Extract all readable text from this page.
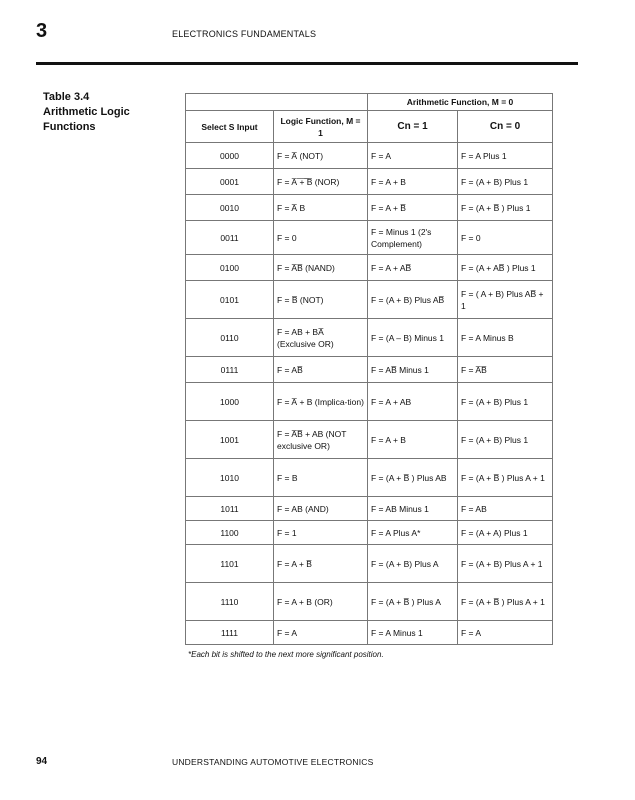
3	ELECTRONICS FUNDAMENTALS
Table 3.4
Arithmetic Logic
Functions
		Arithmetic Function, M = 0	
Select S Input	Logic Function, M = 1	Cn = 1	Cn = 0
0000	F = A̅ (NOT)	F = A	F = A Plus 1
0001	F = A̅ ̅+̅ ̅B̅ (NOR)	F = A + B	F = (A + B) Plus 1
0010	F = A̅ B	F = A + B̅	F = (A + B̅ ) Plus 1
0011	F = 0	F = Minus 1 (2's Complement)	F = 0
0100	F = A̅B̅ (NAND)	F = A + AB̅	F = (A + AB̅ ) Plus 1
0101	F = B̅ (NOT)	F = (A + B) Plus AB̅	F = ( A + B) Plus AB̅ + 1
0110	F = AB + BA̅ (Exclusive OR)	F = (A – B) Minus 1	F = A Minus B
0111	F = AB̅	F = AB̅ Minus 1	F = A̅B̅
1000	F = A̅ + B (Implica-tion)	F = A + AB	F = (A + B) Plus 1
1001	F = A̅B̅ + AB (NOT exclusive OR)	F = A + B	F = (A + B) Plus 1
1010	F = B	F = (A + B̅ ) Plus AB	F = (A + B̅ ) Plus A + 1
1011	F = AB (AND)	F = AB Minus 1	F = AB
1100	F = 1	F = A Plus A*	F = (A + A) Plus 1
1101	F = A + B̅	F = (A + B) Plus A	F = (A + B) Plus A + 1
1110	F = A + B (OR)	F = (A + B̅ ) Plus A	F = (A + B̅ ) Plus A + 1
1111	F = A	F = A Minus 1	F = A
*Each bit is shifted to the next more significant position.
94	UNDERSTANDING AUTOMOTIVE ELECTRONICS
